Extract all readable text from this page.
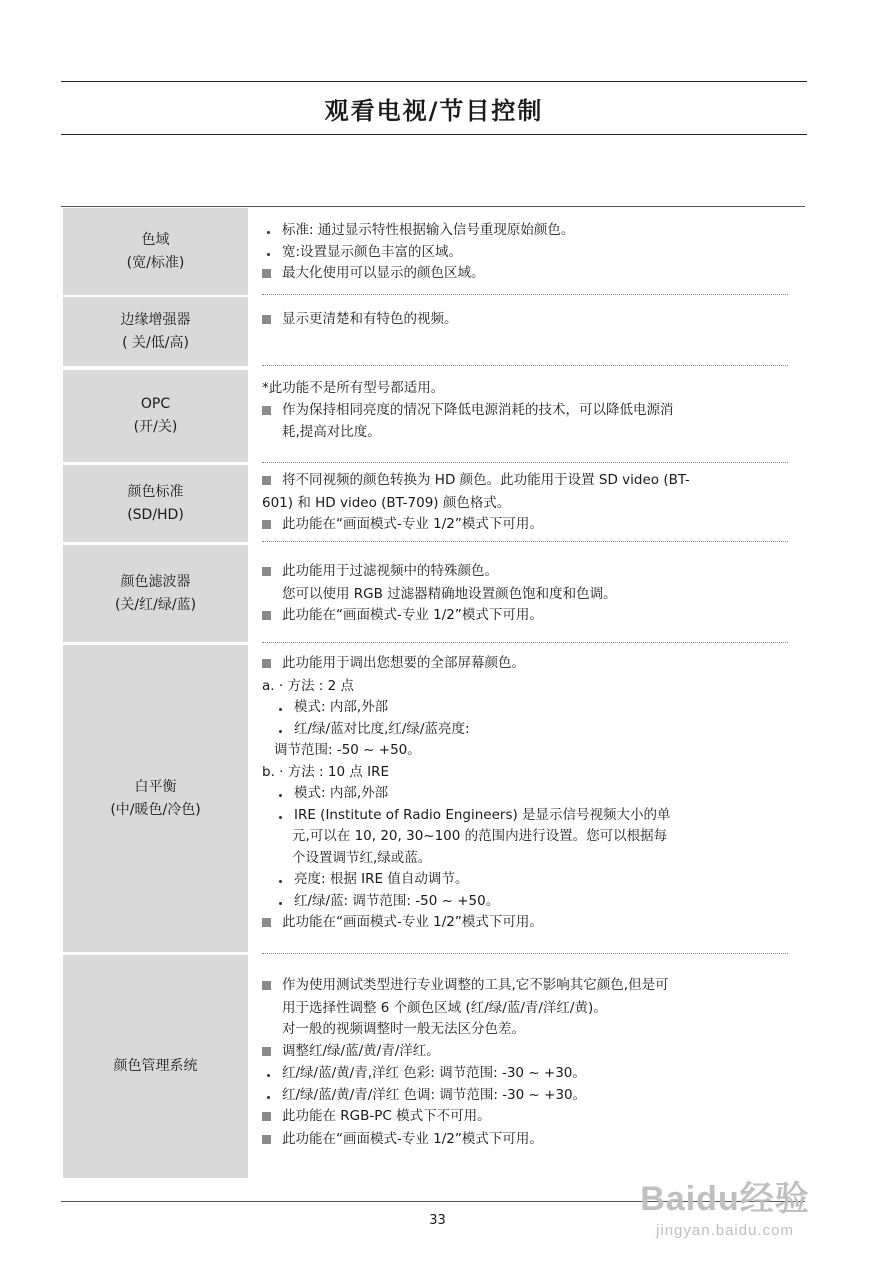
观看电视/节目控制
色域
(宽/标准)
标准: 通过显示特性根据输入信号重现原始颜色。
宽:设置显示颜色丰富的区域。
最大化使用可以显示的颜色区域。
边缘增强器
( 关/低/高)
显示更清楚和有特色的视频。
OPC
(开/关)
*此功能不是所有型号都适用。
作为保持相同亮度的情况下降低电源消耗的技术，可以降低电源消
耗,提高对比度。
颜色标准
(SD/HD)
将不同视频的颜色转换为 HD 颜色。此功能用于设置 SD video (BT-
601) 和 HD video (BT-709) 颜色格式。
此功能在“画面模式-专业 1/2”模式下可用。
颜色滤波器
(关/红/绿/蓝)
此功能用于过滤视频中的特殊颜色。
您可以使用 RGB 过滤器精确地设置颜色饱和度和色调。
此功能在“画面模式-专业 1/2”模式下可用。
白平衡
(中/暖色/冷色)
此功能用于调出您想要的全部屏幕颜色。
a. · 方法 : 2 点
模式: 内部,外部
红/绿/蓝对比度,红/绿/蓝亮度:
调节范围: -50 ~ +50。
b. · 方法 : 10 点 IRE
模式: 内部,外部
IRE (Institute of Radio Engineers) 是显示信号视频大小的单
元,可以在 10, 20, 30~100 的范围内进行设置。您可以根据每
个设置调节红,绿或蓝。
亮度: 根据 IRE 值自动调节。
红/绿/蓝: 调节范围: -50 ~ +50。
此功能在“画面模式-专业 1/2”模式下可用。
颜色管理系统
作为使用测试类型进行专业调整的工具,它不影响其它颜色,但是可
用于选择性调整 6 个颜色区域 (红/绿/蓝/青/洋红/黄)。
对一般的视频调整时一般无法区分色差。
调整红/绿/蓝/黄/青/洋红。
红/绿/蓝/黄/青,洋红 色彩: 调节范围: -30 ~ +30。
红/绿/蓝/黄/青/洋红 色调: 调节范围: -30 ~ +30。
此功能在 RGB-PC 模式下不可用。
此功能在“画面模式-专业 1/2”模式下可用。
33
Baidu经验
jingyan.baidu.com
